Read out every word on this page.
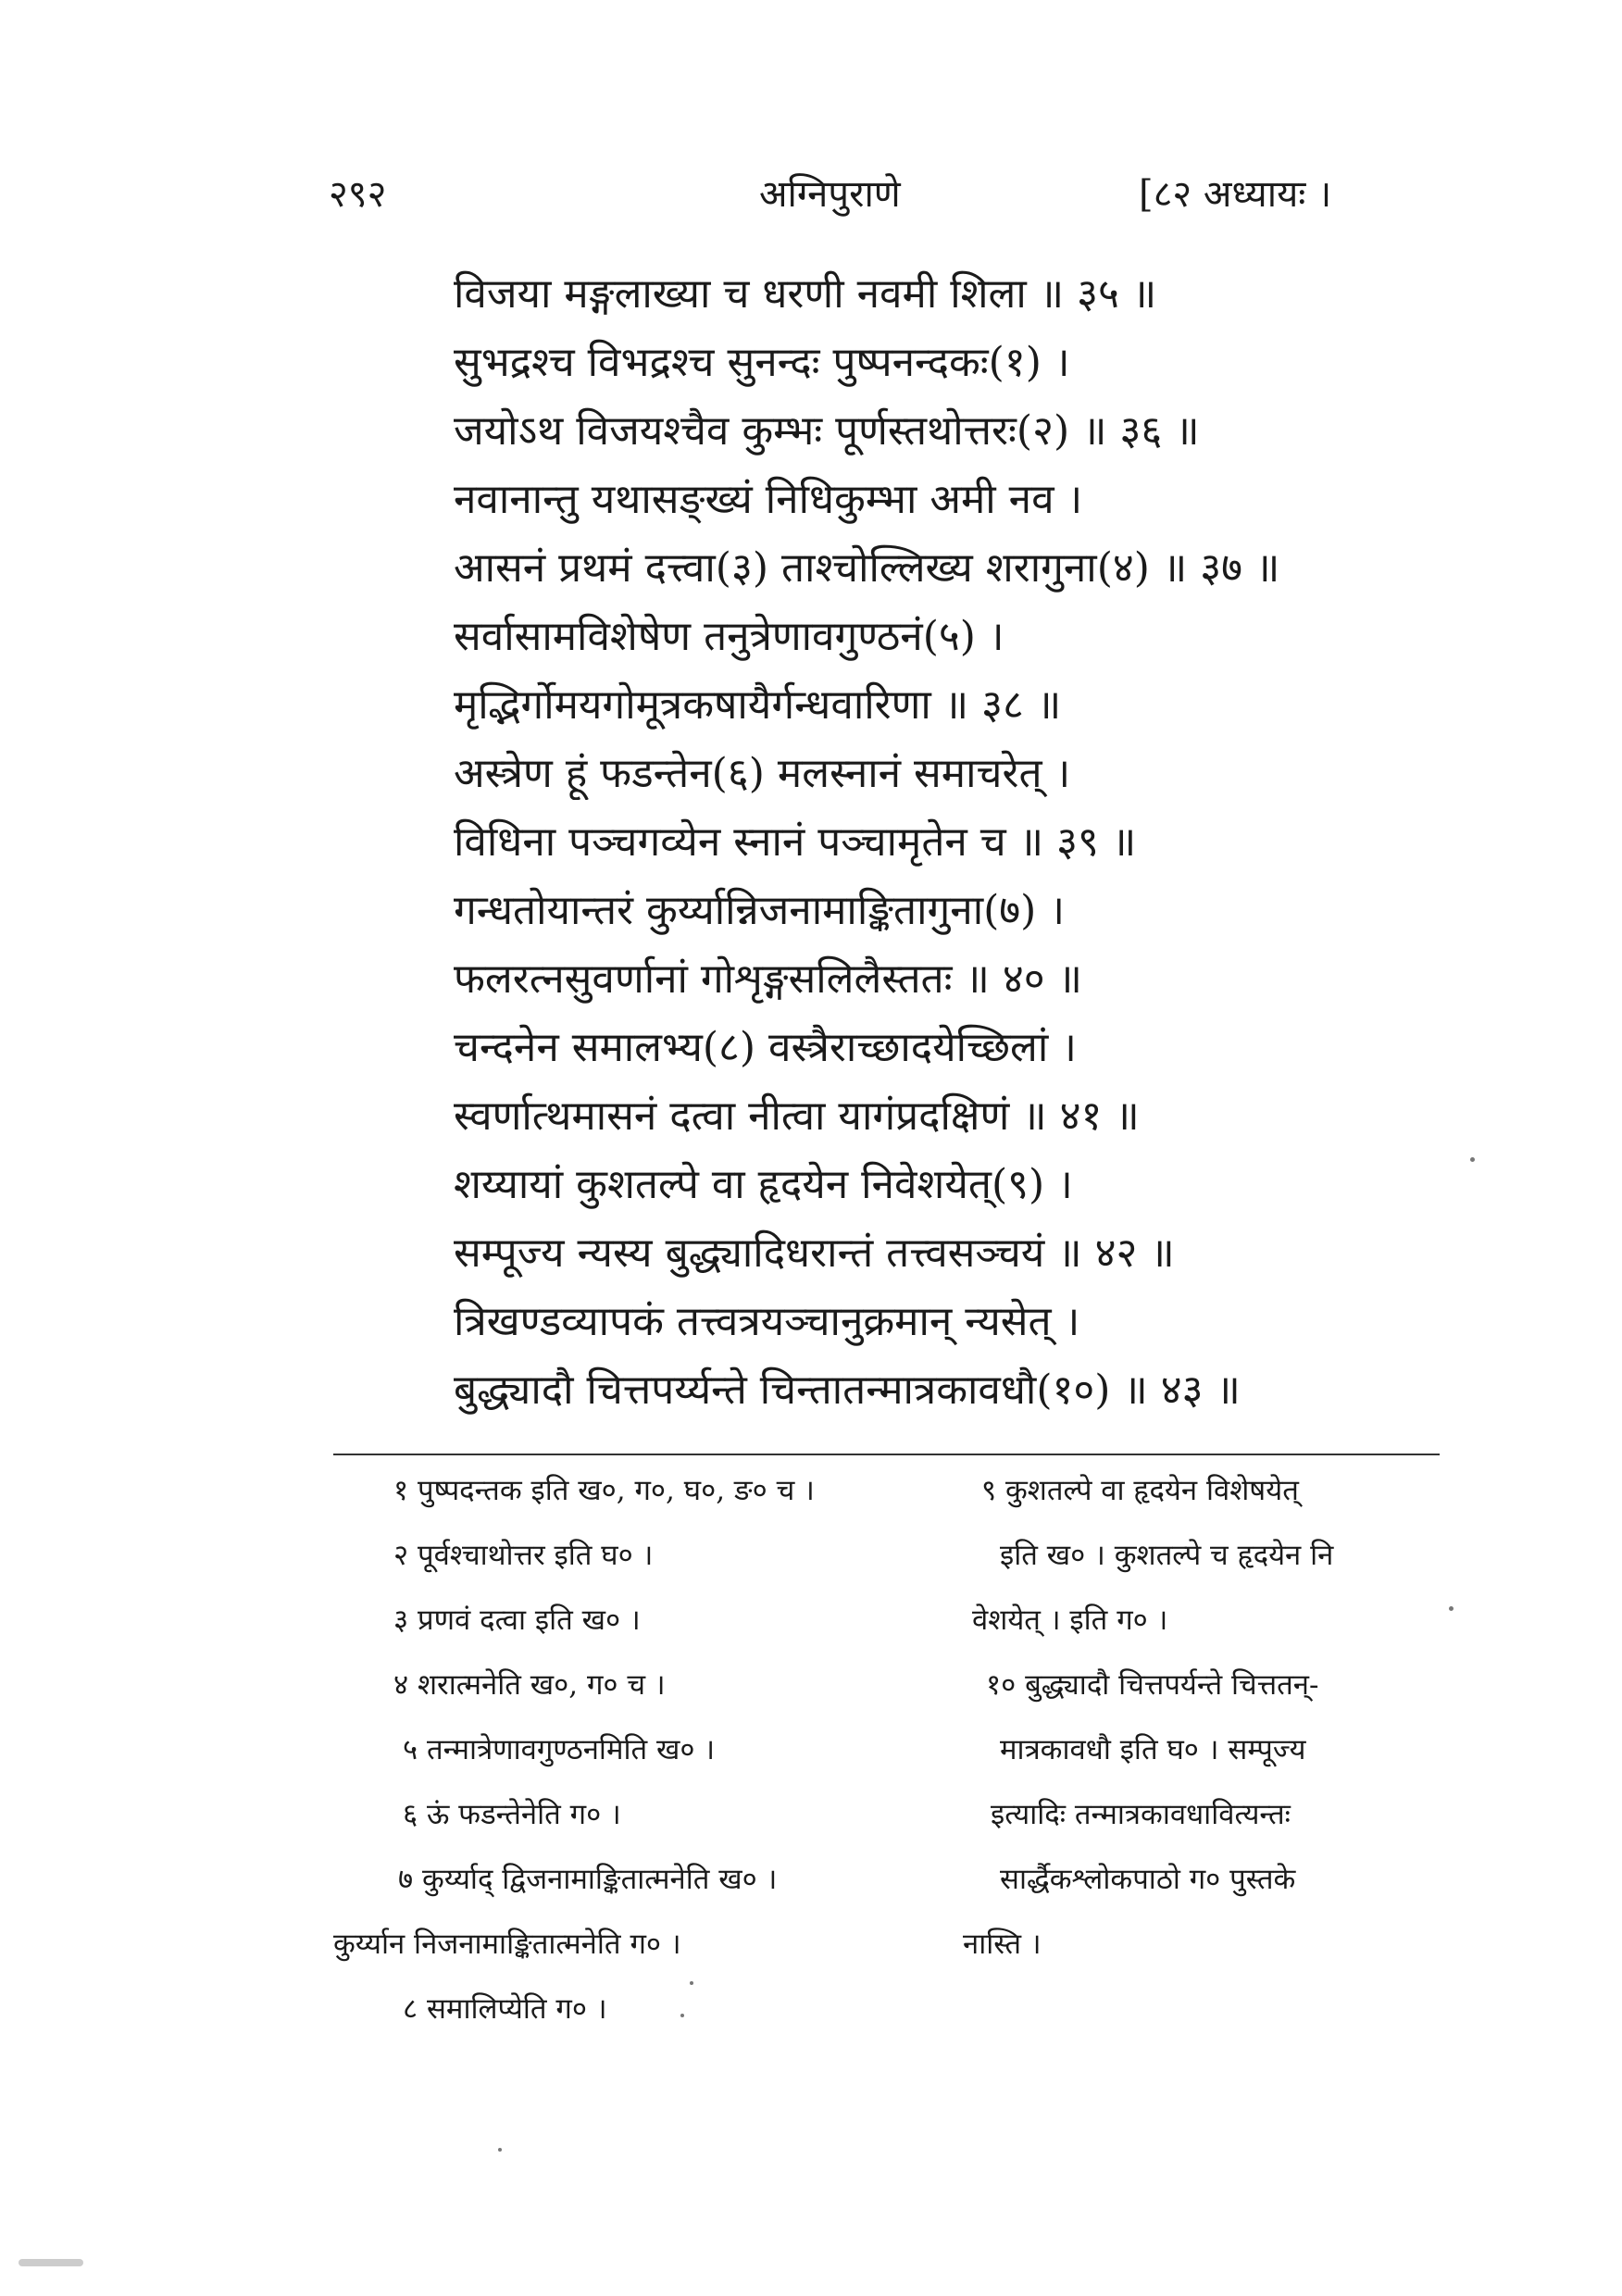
२९२	अग्निपुराणे	[८२ अध्यायः ।
विजया मङ्गलाख्या च धरणी नवमी शिला ॥ ३५ ॥
सुभद्रश्च विभद्रश्च सुनन्दः पुष्पनन्दकः(१) ।
जयोऽथ विजयश्चैव कुम्भः पूर्णस्तथोत्तरः(२) ॥ ३६ ॥
नवानान्तु यथासङ्ख्यं निधिकुम्भा अमी नव ।
आसनं प्रथमं दत्त्वा(३) ताश्चोल्लिख्य शरागुना(४) ॥ ३७ ॥
सर्वासामविशेषेण तनुत्रेणावगुण्ठनं(५) ।
मृद्भिर्गोमयगोमूत्रकषायैर्गन्धवारिणा ॥ ३८ ॥
अस्त्रेण हूं फडन्तेन(६) मलस्नानं समाचरेत् ।
विधिना पञ्चगव्येन स्नानं पञ्चामृतेन च ॥ ३९ ॥
गन्धतोयान्तरं कुर्य्यान्निजनामाङ्कितागुना(७) ।
फलरत्नसुवर्णानां गोशृङ्गसलिलैस्ततः ॥ ४० ॥
चन्दनेन समालभ्य(८) वस्त्रैराच्छादयेच्छिलां ।
स्वर्णात्थमासनं दत्वा नीत्वा यागंप्रदक्षिणं ॥ ४१ ॥
शय्यायां कुशतल्पे वा हृदयेन निवेशयेत्(९) ।
सम्पूज्य न्यस्य बुद्ध्यादिधरान्तं तत्त्वसञ्चयं ॥ ४२ ॥
त्रिखण्डव्यापकं तत्त्वत्रयञ्चानुक्रमान् न्यसेत् ।
बुद्ध्यादौ चित्तपर्य्यन्ते चिन्तातन्मात्रकावधौ(१०) ॥ ४३ ॥
१ पुष्पदन्तक इति ख०, ग०, घ०, ङ० च ।
२ पूर्वश्चाथोत्तर इति घ० ।
३ प्रणवं दत्वा इति ख० ।
४ शरात्मनेति ख०, ग० च ।
५ तन्मात्रेणावगुण्ठनमिति ख० ।
६ ऊं फडन्तेनेति ग० ।
७ कुर्य्याद् द्विजनामाङ्कितात्मनेति ख० ।
कुर्य्यान निजनामाङ्कितात्मनेति ग० ।
८ समालिप्येति ग० ।
९ कुशतल्पे वा हृदयेन विशेषयेत्
इति ख० । कुशतल्पे च हृदयेन नि
वेशयेत् । इति ग० ।
१० बुद्ध्यादौ चित्तपर्यन्ते चित्ततन्-
मात्रकावधौ इति घ० । सम्पूज्य
इत्यादिः तन्मात्रकावधावित्यन्तः
सार्द्धैकश्लोकपाठो ग० पुस्तके
नास्ति ।
